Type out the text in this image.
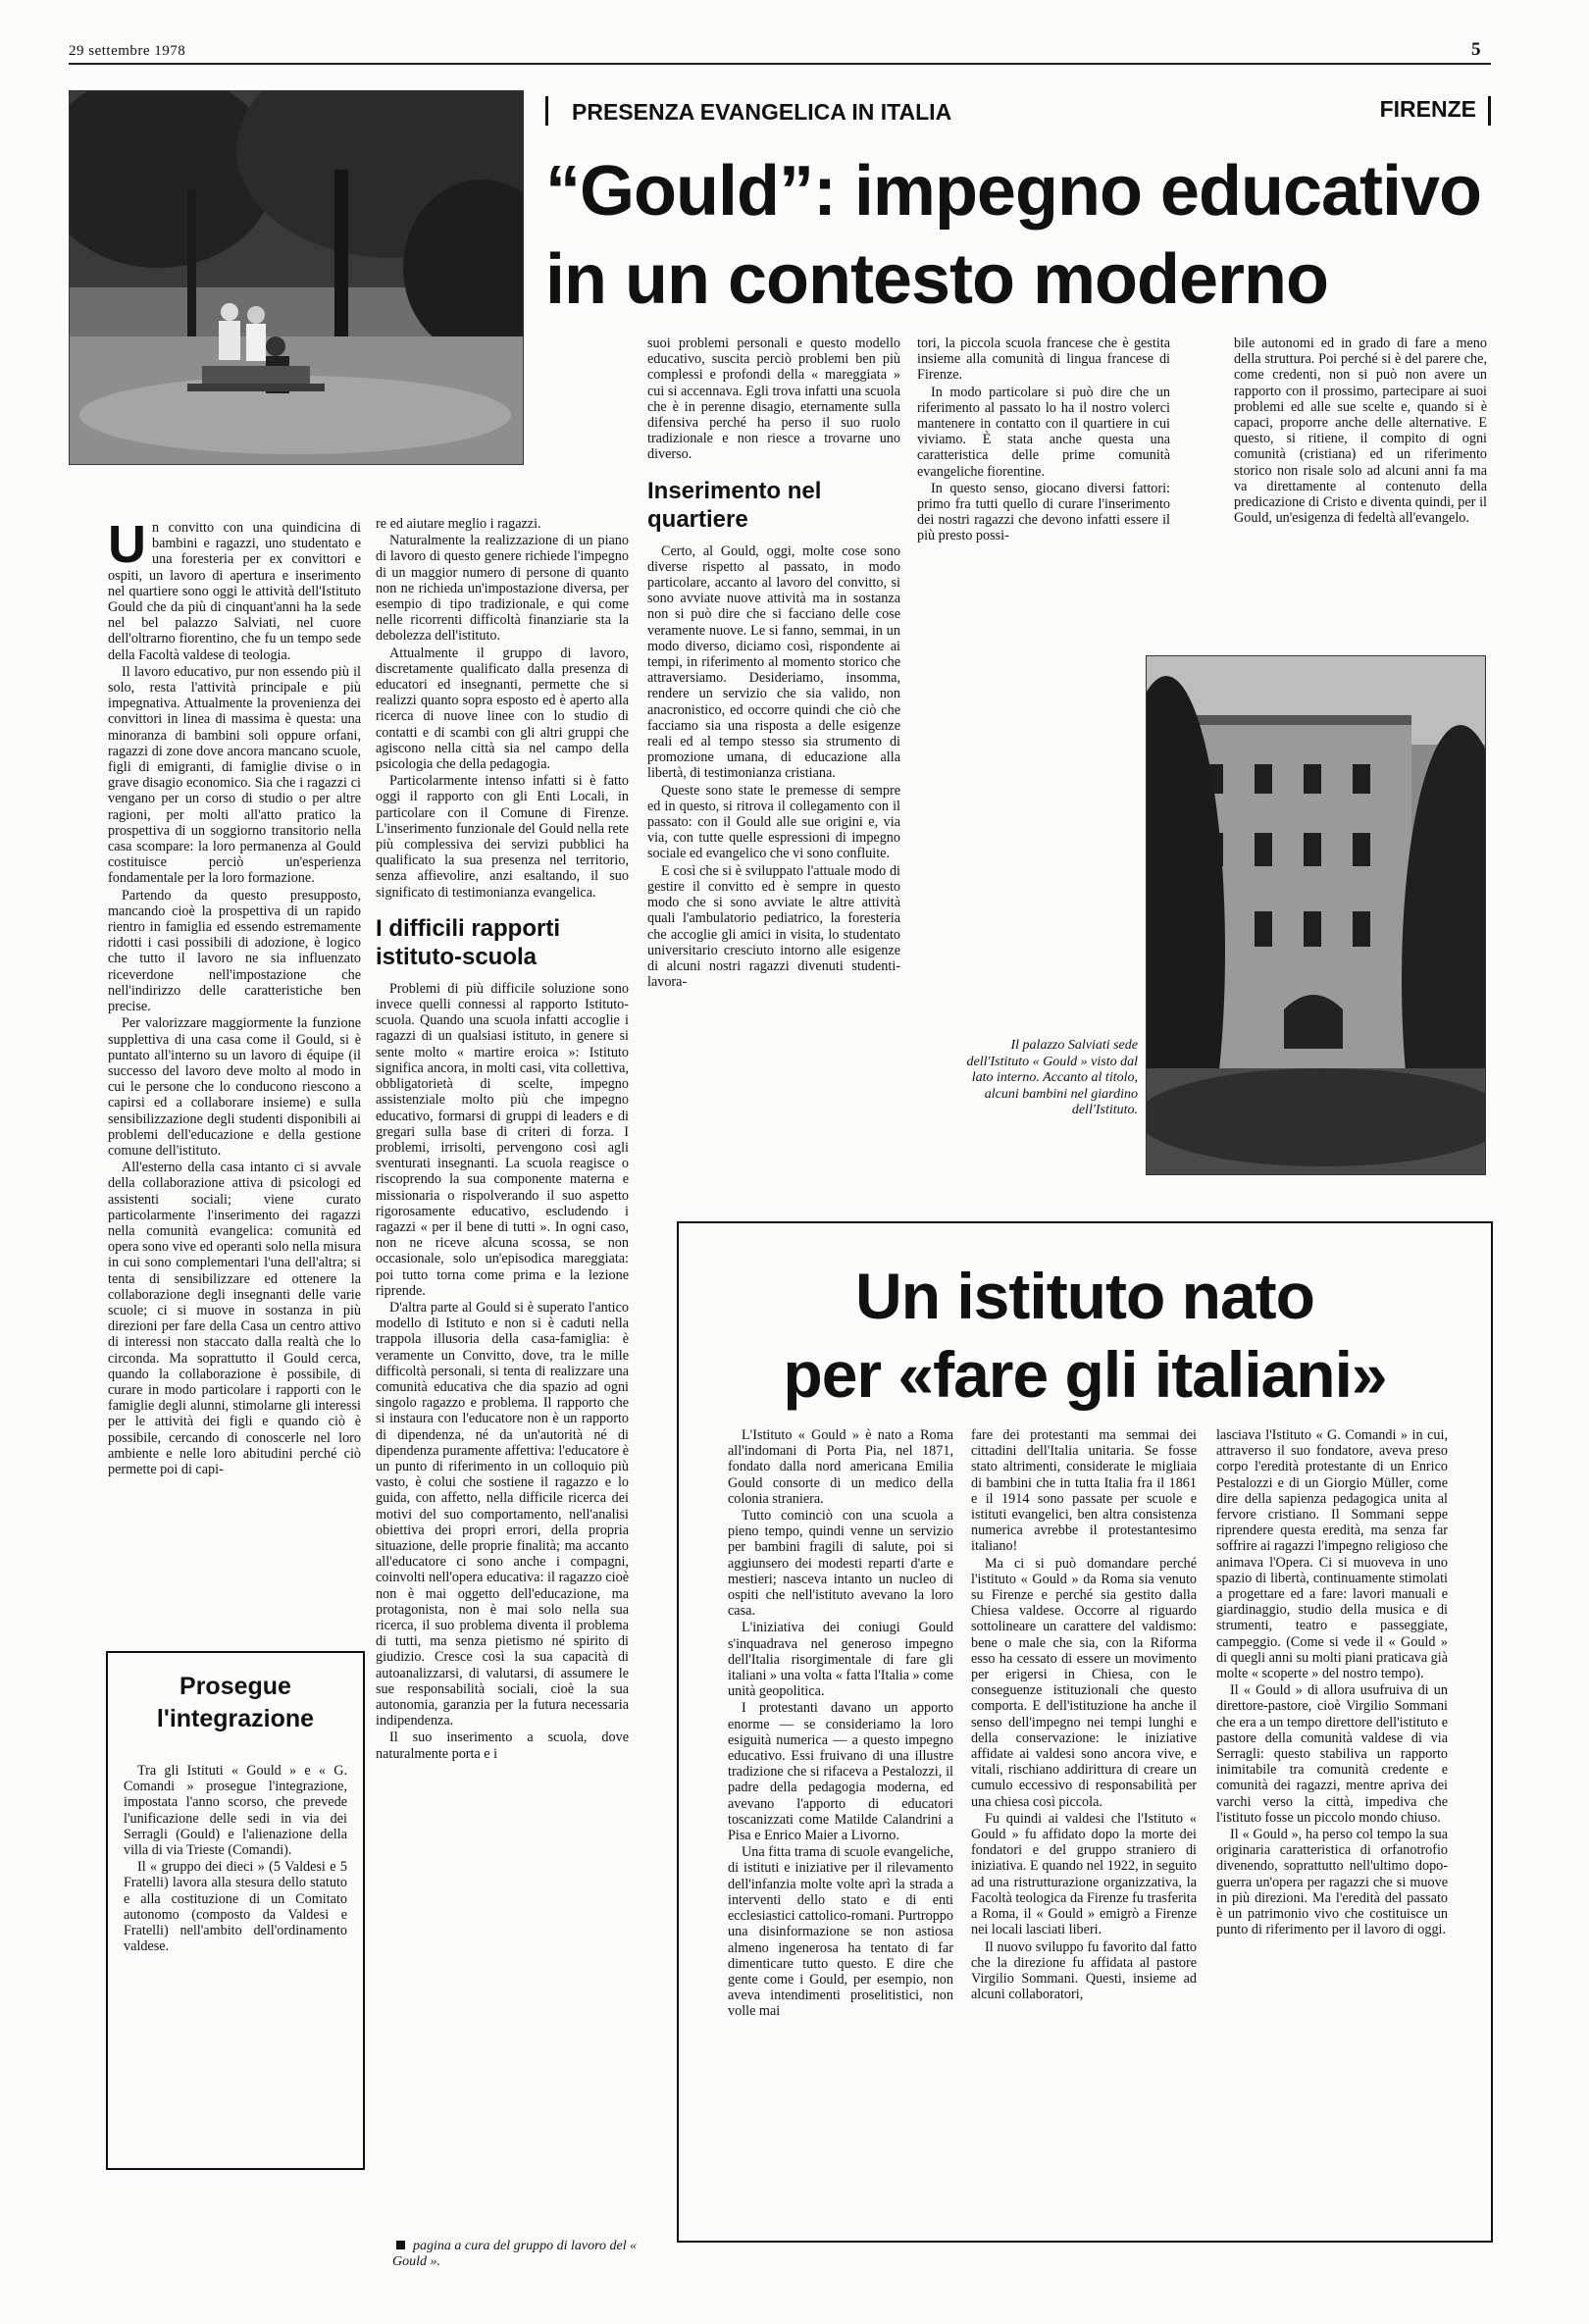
29 settembre 1978	5
PRESENZA EVANGELICA IN ITALIA	FIRENZE
“Gould”: impegno educativo
in un contesto moderno
U n convitto con una quindicina di bambini e ragazzi, uno studentato e una foresteria per ex convittori e ospiti, un lavoro di apertura e inserimento nel quartiere sono oggi le attività dell'Istituto Gould che da più di cinquant'anni ha la sede nel bel palazzo Salviati, nel cuore dell'oltrarno fiorentino, che fu un tempo sede della Facoltà valdese di teologia.

Il lavoro educativo, pur non essendo più il solo, resta l'attività principale e più impegnativa. Attualmente la provenienza dei convittori in linea di massima è questa: una minoranza di bambini soli oppure orfani, ragazzi di zone dove ancora mancano scuole, figli di emigranti, di famiglie divise o in grave disagio economico. Sia che i ragazzi ci vengano per un corso di studio o per altre ragioni, per molti all'atto pratico la prospettiva di un soggiorno transitorio nella casa scompare: la loro permanenza al Gould costituisce perciò un'esperienza fondamentale per la loro formazione.

Partendo da questo presupposto, mancando cioè la prospettiva di un rapido rientro in famiglia ed essendo estremamente ridotti i casi possibili di adozione, è logico che tutto il lavoro ne sia influenzato riceverdone nell'impostazione che nell'indirizzo delle caratteristiche ben precise.

Per valorizzare maggiormente la funzione supplettiva di una casa come il Gould, si è puntato all'interno su un lavoro di équipe (il successo del lavoro deve molto al modo in cui le persone che lo conducono riescono a capirsi ed a collaborare insieme) e sulla sensibilizzazione degli studenti disponibili ai problemi dell'educazione e della gestione comune dell'istituto.

All'esterno della casa intanto ci si avvale della collaborazione attiva di psicologi ed assistenti sociali; viene curato particolarmente l'inserimento dei ragazzi nella comunità evangelica: comunità ed opera sono vive ed operanti solo nella misura in cui sono complementari l'una dell'altra; si tenta di sensibilizzare ed ottenere la collaborazione degli insegnanti delle varie scuole; ci si muove in sostanza in più direzioni per fare della Casa un centro attivo di interessi non staccato dalla realtà che lo circonda. Ma soprattutto il Gould cerca, quando la collaborazione è possibile, di curare in modo particolare i rapporti con le famiglie degli alunni, stimolarne gli interessi per le attività dei figli e quando ciò è possibile, cercando di conoscerle nel loro ambiente e nelle loro abitudini perché ciò permette poi di capi-

re ed aiutare meglio i ragazzi.

Naturalmente la realizzazione di un piano di lavoro di questo genere richiede l'impegno di un maggior numero di persone di quanto non ne richieda un'impostazione diversa, per esempio di tipo tradizionale, e qui come nelle ricorrenti difficoltà finanziarie sta la debolezza dell'istituto.

Attualmente il gruppo di lavoro, discretamente qualificato dalla presenza di educatori ed insegnanti, permette che si realizzi quanto sopra esposto ed è aperto alla ricerca di nuove linee con lo studio di contatti e di scambi con gli altri gruppi che agiscono nella città sia nel campo della psicologia che della pedagogia.

Particolarmente intenso infatti si è fatto oggi il rapporto con gli Enti Locali, in particolare con il Comune di Firenze. L'inserimento funzionale del Gould nella rete più complessiva dei servizi pubblici ha qualificato la sua presenza nel territorio, senza affievolire, anzi esaltando, il suo significato di testimonianza evangelica.

I difficili rapporti istituto-scuola

Problemi di più difficile soluzione sono invece quelli connessi al rapporto Istituto-scuola. Quando una scuola infatti accoglie i ragazzi di un qualsiasi istituto, in genere si sente molto « martire eroica »: Istituto significa ancora, in molti casi, vita collettiva, obbligatorietà di scelte, impegno assistenziale molto più che impegno educativo, formarsi di gruppi di leaders e di gregari sulla base di criteri di forza. I problemi, irrisolti, pervengono così agli sventurati insegnanti. La scuola reagisce o riscoprendo la sua componente materna e missionaria o rispolverando il suo aspetto rigorosamente educativo, escludendo i ragazzi « per il bene di tutti ». In ogni caso, non ne riceve alcuna scossa, se non occasionale, solo un'episodica mareggiata: poi tutto torna come prima e la lezione riprende.

D'altra parte al Gould si è superato l'antico modello di Istituto e non si è caduti nella trappola illusoria della casa-famiglia: è veramente un Convitto, dove, tra le mille difficoltà personali, si tenta di realizzare una comunità educativa che dia spazio ad ogni singolo ragazzo e problema. Il rapporto che si instaura con l'educatore non è un rapporto di dipendenza, né da un'autorità né di dipendenza puramente affettiva: l'educatore è un punto di riferimento in un colloquio più vasto, è colui che sostiene il ragazzo e lo guida, con affetto, nella difficile ricerca dei motivi del suo comportamento, nell'analisi obiettiva dei propri errori, della propria situazione, delle proprie finalità; ma accanto all'educatore ci sono anche i compagni, coinvolti nell'opera educativa: il ragazzo cioè non è mai oggetto dell'educazione, ma protagonista, non è mai solo nella sua ricerca, il suo problema diventa il problema di tutti, ma senza pietismo né spirito di giudizio. Cresce così la sua capacità di autoanalizzarsi, di valutarsi, di assumere le sue responsabilità sociali, cioè la sua autonomia, garanzia per la futura necessaria indipendenza.

Il suo inserimento a scuola, dove naturalmente porta e i

suoi problemi personali e questo modello educativo, suscita perciò problemi ben più complessi e profondi della « mareggiata » cui si accennava. Egli trova infatti una scuola che è in perenne disagio, eternamente sulla difensiva perché ha perso il suo ruolo tradizionale e non riesce a trovarne uno diverso.

Inserimento nel quartiere

Certo, al Gould, oggi, molte cose sono diverse rispetto al passato, in modo particolare, accanto al lavoro del convitto, si sono avviate nuove attività ma in sostanza non si può dire che si facciano delle cose veramente nuove. Le si fanno, semmai, in un modo diverso, diciamo così, rispondente ai tempi, in riferimento al momento storico che attraversiamo. Desideriamo, insomma, rendere un servizio che sia valido, non anacronistico, ed occorre quindi che ciò che facciamo sia una risposta a delle esigenze reali ed al tempo stesso sia strumento di promozione umana, di educazione alla libertà, di testimonianza cristiana.

Queste sono state le premesse di sempre ed in questo, si ritrova il collegamento con il passato: con il Gould alle sue origini e, via via, con tutte quelle espressioni di impegno sociale ed evangelico che vi sono confluite.

E così che si è sviluppato l'attuale modo di gestire il convitto ed è sempre in questo modo che si sono avviate le altre attività quali l'ambulatorio pediatrico, la foresteria che accoglie gli amici in visita, lo studentato universitario cresciuto intorno alle esigenze di alcuni nostri ragazzi divenuti studenti-lavora-

tori, la piccola scuola francese che è gestita insieme alla comunità di lingua francese di Firenze.

In modo particolare si può dire che un riferimento al passato lo ha il nostro volerci mantenere in contatto con il quartiere in cui viviamo. È stata anche questa una caratteristica delle prime comunità evangeliche fiorentine.

In questo senso, giocano diversi fattori: primo fra tutti quello di curare l'inserimento dei nostri ragazzi che devono infatti essere il più presto possi-

bile autonomi ed in grado di fare a meno della struttura. Poi perché si è del parere che, come credenti, non si può non avere un rapporto con il prossimo, partecipare ai suoi problemi ed alle sue scelte e, quando si è capaci, proporre anche delle alternative. E questo, si ritiene, il compito di ogni comunità (cristiana) ed un riferimento storico non risale solo ad alcuni anni fa ma va direttamente al contenuto della predicazione di Cristo e diventa quindi, per il Gould, un'esigenza di fedeltà all'evangelo.

Il palazzo Salviati sede dell'Istituto « Gould » visto dal lato interno. Accanto al titolo, alcuni bambini nel giardino dell'Istituto.
Prosegue
l'integrazione

Tra gli Istituti « Gould » e « G. Comandi » prosegue l'integrazione, impostata l'anno scorso, che prevede l'unificazione delle sedi in via dei Serragli (Gould) e l'alienazione della villa di via Trieste (Comandi).

Il « gruppo dei dieci » (5 Valdesi e 5 Fratelli) lavora alla stesura dello statuto e alla costituzione di un Comitato autonomo (composto da Valdesi e Fratelli) nell'ambito dell'ordinamento valdese.

pagina a cura del gruppo di lavoro del « Gould ».
Un istituto nato
per «fare gli italiani»

L'Istituto « Gould » è nato a Roma all'indomani di Porta Pia, nel 1871, fondato dalla nord americana Emilia Gould consorte di un medico della colonia straniera.

Tutto cominciò con una scuola a pieno tempo, quindi venne un servizio per bambini fragili di salute, poi si aggiunsero dei modesti reparti d'arte e mestieri; nasceva intanto un nucleo di ospiti che nell'istituto avevano la loro casa.

L'iniziativa dei coniugi Gould s'inquadrava nel generoso impegno dell'Italia risorgimentale di fare gli italiani » una volta « fatta l'Italia » come unità geopolitica.

I protestanti davano un apporto enorme — se consideriamo la loro esiguità numerica — a questo impegno educativo. Essi fruivano di una illustre tradizione che si rifaceva a Pestalozzi, il padre della pedagogia moderna, ed avevano l'apporto di educatori toscanizzati come Matilde Calandrini a Pisa e Enrico Maier a Livorno.

Una fitta trama di scuole evangeliche, di istituti e iniziative per il rilevamento dell'infanzia molte volte aprì la strada a interventi dello stato e di enti ecclesiastici cattolico-romani. Purtroppo una disinformazione se non astiosa almeno ingenerosa ha tentato di far dimenticare tutto questo. E dire che gente come i Gould, per esempio, non aveva intendimenti proselitistici, non volle mai

fare dei protestanti ma semmai dei cittadini dell'Italia unitaria. Se fosse stato altrimenti, considerate le migliaia di bambini che in tutta Italia fra il 1861 e il 1914 sono passate per scuole e istituti evangelici, ben altra consistenza numerica avrebbe il protestantesimo italiano!

Ma ci si può domandare perché l'istituto « Gould » da Roma sia venuto su Firenze e perché sia gestito dalla Chiesa valdese. Occorre al riguardo sottolineare un carattere del valdismo: bene o male che sia, con la Riforma esso ha cessato di essere un movimento per erigersi in Chiesa, con le conseguenze istituzionali che questo comporta. E dell'istituzione ha anche il senso dell'impegno nei tempi lunghi e della conservazione: le iniziative affidate ai valdesi sono ancora vive, e vitali, rischiano addirittura di creare un cumulo eccessivo di responsabilità per una chiesa così piccola.

Fu quindi ai valdesi che l'Istituto « Gould » fu affidato dopo la morte dei fondatori e del gruppo straniero di iniziativa. E quando nel 1922, in seguito ad una ristrutturazione organizzativa, la Facoltà teologica da Firenze fu trasferita a Roma, il « Gould » emigrò a Firenze nei locali lasciati liberi.

Il nuovo sviluppo fu favorito dal fatto che la direzione fu affidata al pastore Virgilio Sommani. Questi, insieme ad alcuni collaboratori,

lasciava l'Istituto « G. Comandi » in cui, attraverso il suo fondatore, aveva preso corpo l'eredità protestante di un Enrico Pestalozzi e di un Giorgio Müller, come dire della sapienza pedagogica unita al fervore cristiano. Il Sommani seppe riprendere questa eredità, ma senza far soffrire ai ragazzi l'impegno religioso che animava l'Opera. Ci si muoveva in uno spazio di libertà, continuamente stimolati a progettare ed a fare: lavori manuali e giardinaggio, studio della musica e di strumenti, teatro e passeggiate, campeggio. (Come si vede il « Gould » di quegli anni su molti piani praticava già molte « scoperte » del nostro tempo).

Il « Gould » di allora usufruiva di un direttore-pastore, cioè Virgilio Sommani che era a un tempo direttore dell'istituto e pastore della comunità valdese di via Serragli: questo stabiliva un rapporto inimitabile tra comunità credente e comunità dei ragazzi, mentre apriva dei varchi verso la città, impediva che l'istituto fosse un piccolo mondo chiuso.

Il « Gould », ha perso col tempo la sua originaria caratteristica di orfanotrofio divenendo, soprattutto nell'ultimo dopo-guerra un'opera per ragazzi che si muove in più direzioni. Ma l'eredità del passato è un patrimonio vivo che costituisce un punto di riferimento per il lavoro di oggi.
